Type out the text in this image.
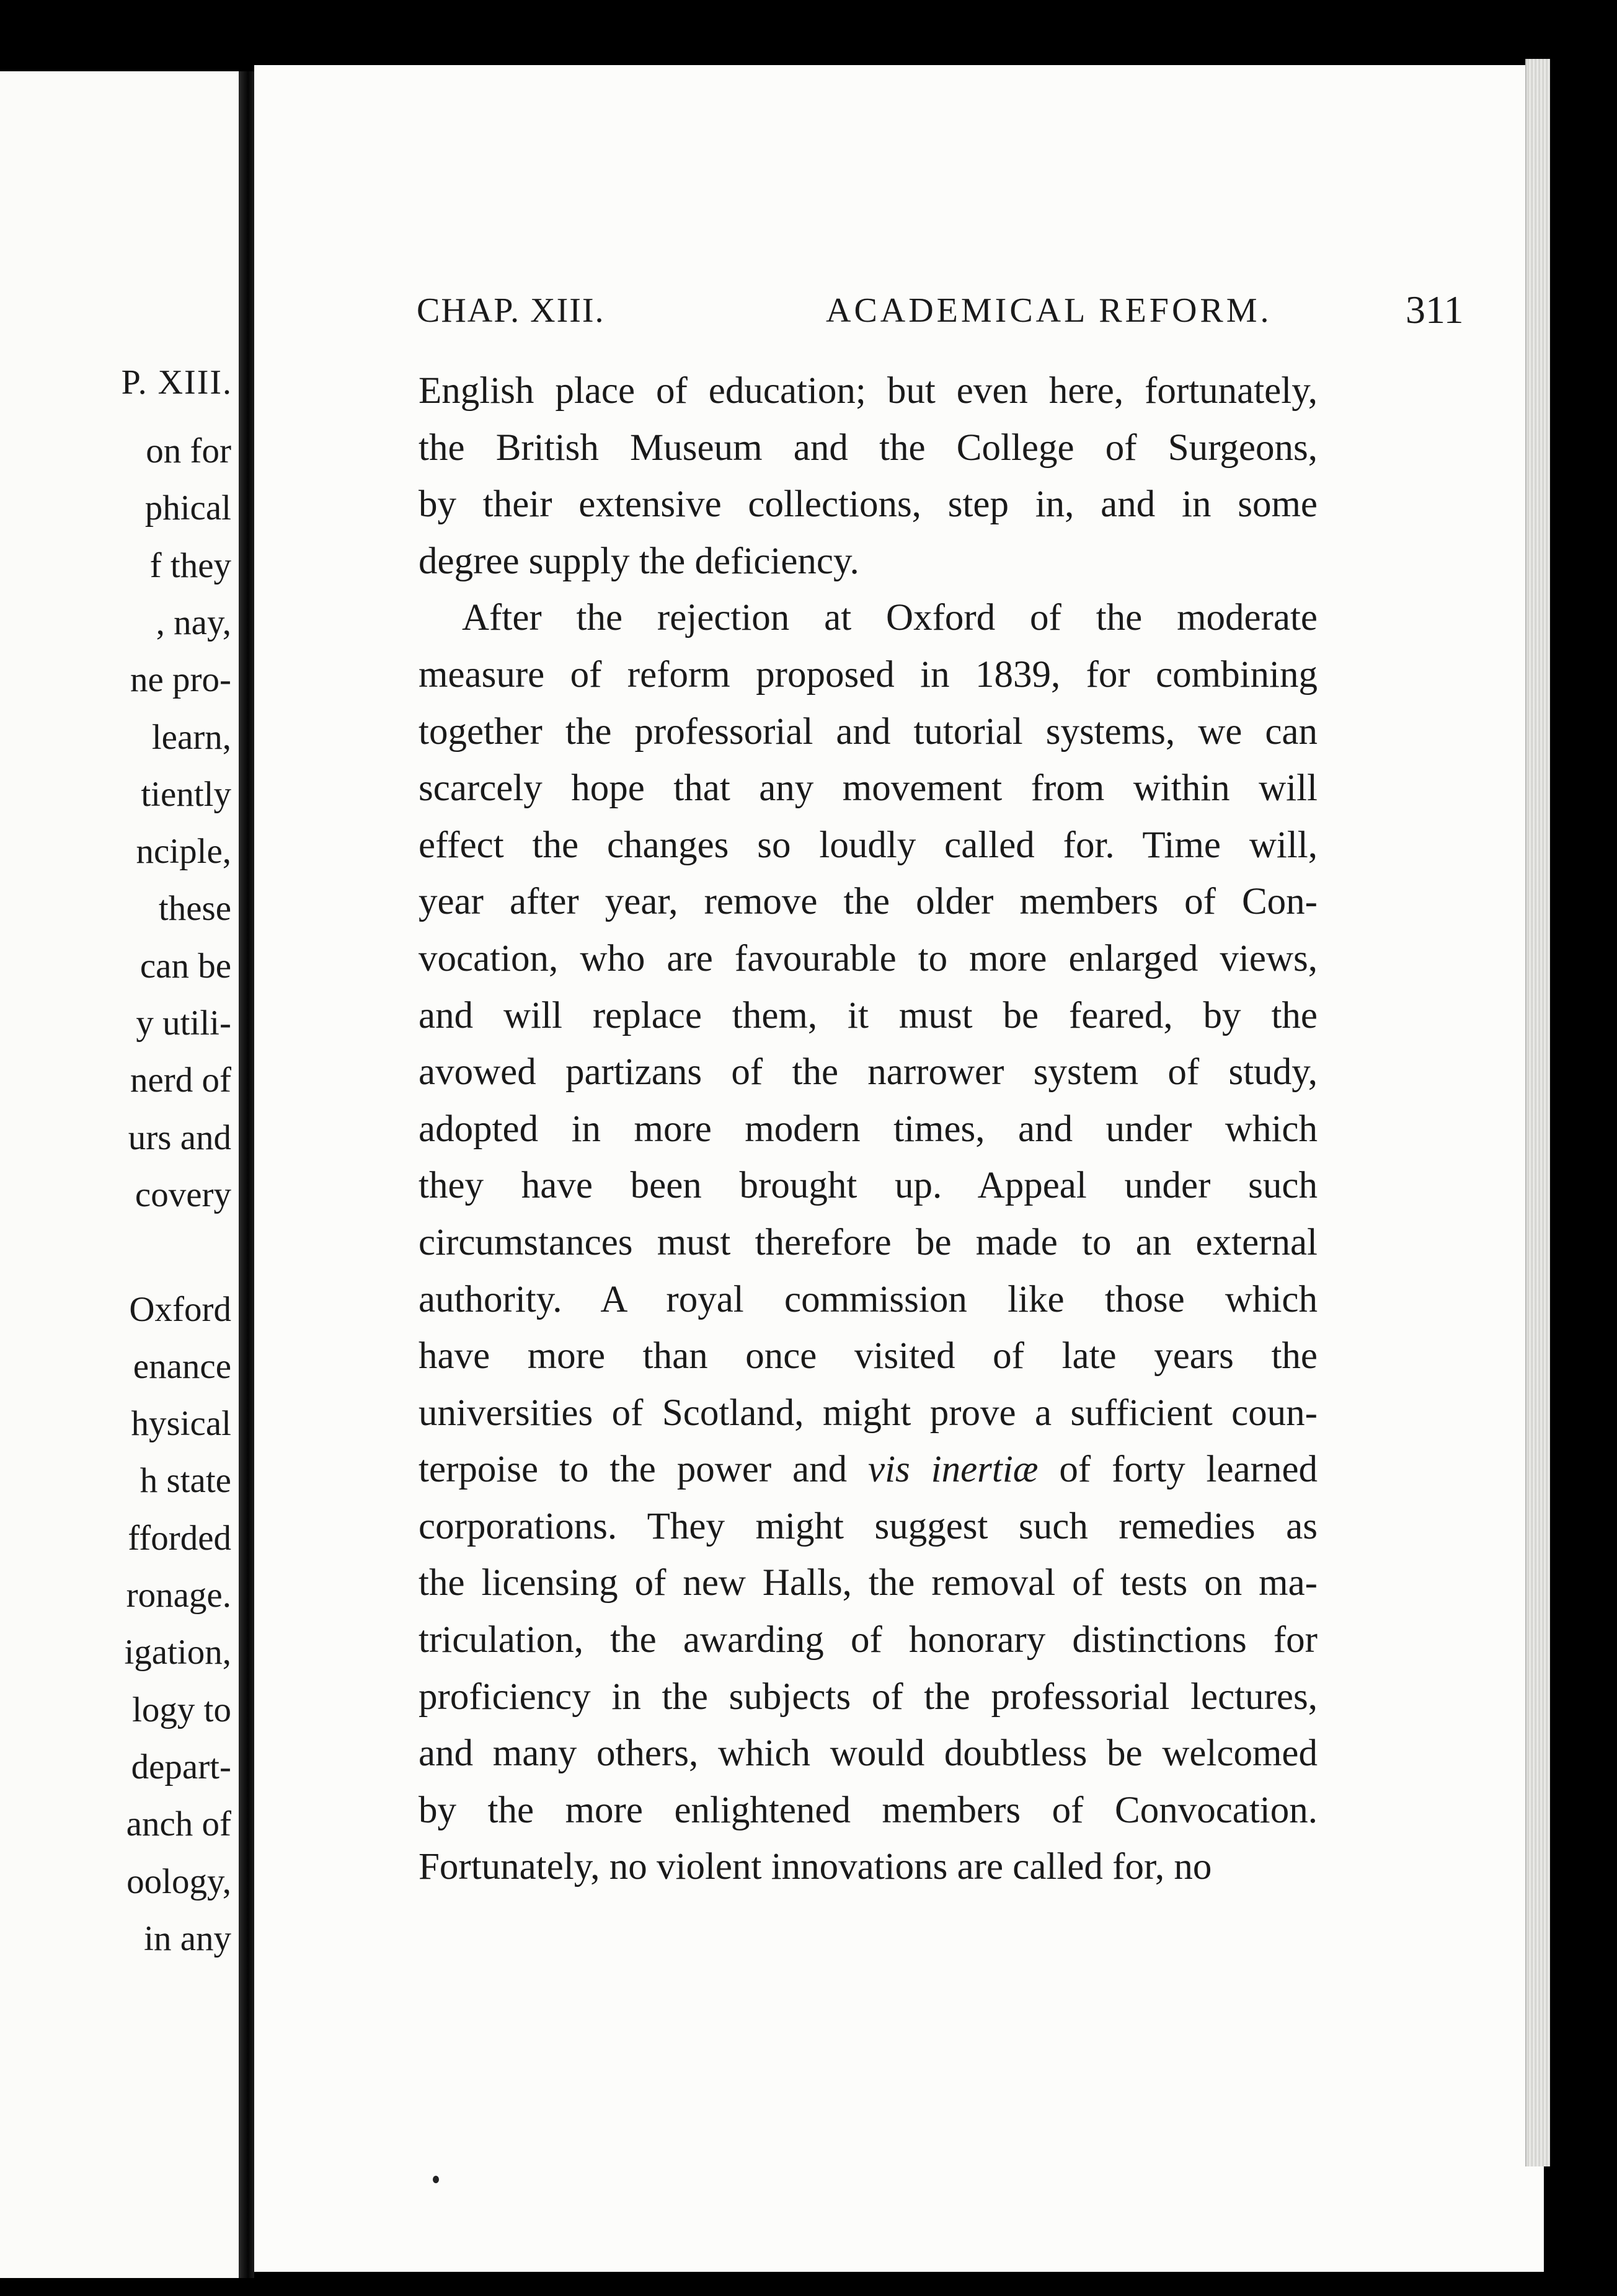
P. XIII.
on for
phical
f they
, nay,
ne pro-
learn,
tiently
nciple,
these
can be
y utili-
nerd of
urs and
covery
Oxford
enance
hysical
h state
fforded
ronage.
igation,
logy to
depart-
anch of
oology,
in any
CHAP. XIII.	ACADEMICAL REFORM.	311
English place of education; but even here, fortunately,
the British Museum and the College of Surgeons,
by their extensive collections, step in, and in some
degree supply the deficiency.
After the rejection at Oxford of the moderate
measure of reform proposed in 1839, for combining
together the professorial and tutorial systems, we can
scarcely hope that any movement from within will
effect the changes so loudly called for. Time will,
year after year, remove the older members of Con-
vocation, who are favourable to more enlarged views,
and will replace them, it must be feared, by the
avowed partizans of the narrower system of study,
adopted in more modern times, and under which
they have been brought up. Appeal under such
circumstances must therefore be made to an external
authority. A royal commission like those which
have more than once visited of late years the
universities of Scotland, might prove a sufficient coun-
terpoise to the power and vis inertiæ of forty learned
corporations. They might suggest such remedies as
the licensing of new Halls, the removal of tests on ma-
triculation, the awarding of honorary distinctions for
proficiency in the subjects of the professorial lectures,
and many others, which would doubtless be welcomed
by the more enlightened members of Convocation.
Fortunately, no violent innovations are called for, no
